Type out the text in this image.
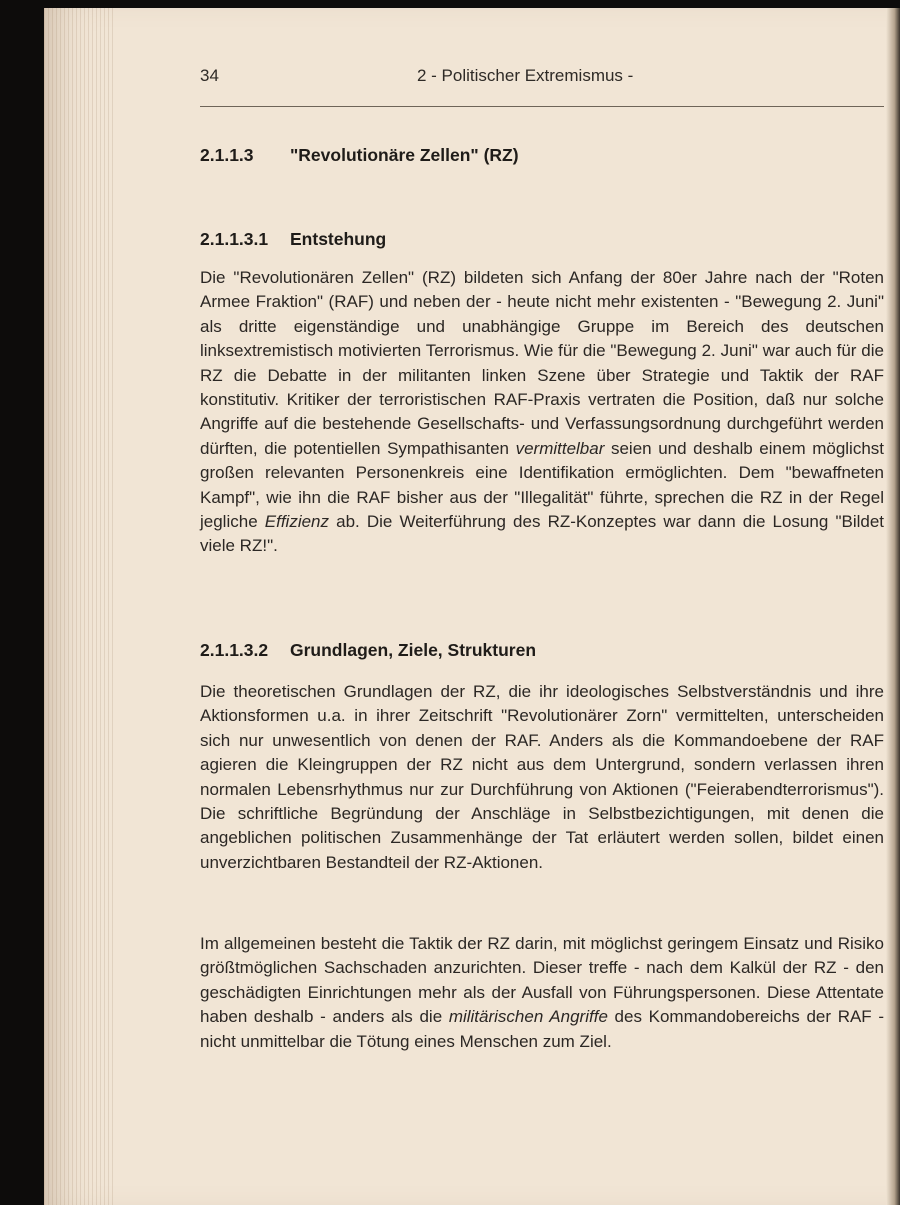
34	2 - Politischer Extremismus -
2.1.1.3 "Revolutionäre Zellen" (RZ)
2.1.1.3.1 Entstehung

Die "Revolutionären Zellen" (RZ) bildeten sich Anfang der 80er Jahre nach der "Roten Armee Fraktion" (RAF) und neben der - heute nicht mehr existenten - "Bewegung 2. Juni" als dritte eigenständige und unabhängige Gruppe im Bereich des deutschen linksextremistisch motivierten Terrorismus. Wie für die "Bewegung 2. Juni" war auch für die RZ die Debatte in der militanten linken Szene über Strategie und Taktik der RAF konstitutiv. Kritiker der terroristischen RAF-Praxis vertraten die Position, daß nur solche Angriffe auf die bestehende Gesellschafts- und Verfassungsordnung durchgeführt werden dürften, die potentiellen Sympathisanten vermittelbar seien und deshalb einem möglichst großen relevanten Personenkreis eine Identifikation ermöglichten. Dem "bewaffneten Kampf", wie ihn die RAF bisher aus der "Illegalität" führte, sprechen die RZ in der Regel jegliche Effizienz ab. Die Weiterführung des RZ-Konzeptes war dann die Losung "Bildet viele RZ!".

2.1.1.3.2 Grundlagen, Ziele, Strukturen

Die theoretischen Grundlagen der RZ, die ihr ideologisches Selbstverständnis und ihre Aktionsformen u.a. in ihrer Zeitschrift "Revolutionärer Zorn" vermittelten, unterscheiden sich nur unwesentlich von denen der RAF. Anders als die Kommandoebene der RAF agieren die Kleingruppen der RZ nicht aus dem Untergrund, sondern verlassen ihren normalen Lebensrhythmus nur zur Durchführung von Aktionen ("Feierabendterrorismus"). Die schriftliche Begründung der Anschläge in Selbstbezichtigungen, mit denen die angeblichen politischen Zusammenhänge der Tat erläutert werden sollen, bildet einen unverzichtbaren Bestandteil der RZ-Aktionen.

Im allgemeinen besteht die Taktik der RZ darin, mit möglichst geringem Einsatz und Risiko größtmöglichen Sachschaden anzurichten. Dieser treffe - nach dem Kalkül der RZ - den geschädigten Einrichtungen mehr als der Ausfall von Führungspersonen. Diese Attentate haben deshalb - anders als die militärischen Angriffe des Kommandobereichs der RAF - nicht unmittelbar die Tötung eines Menschen zum Ziel.
